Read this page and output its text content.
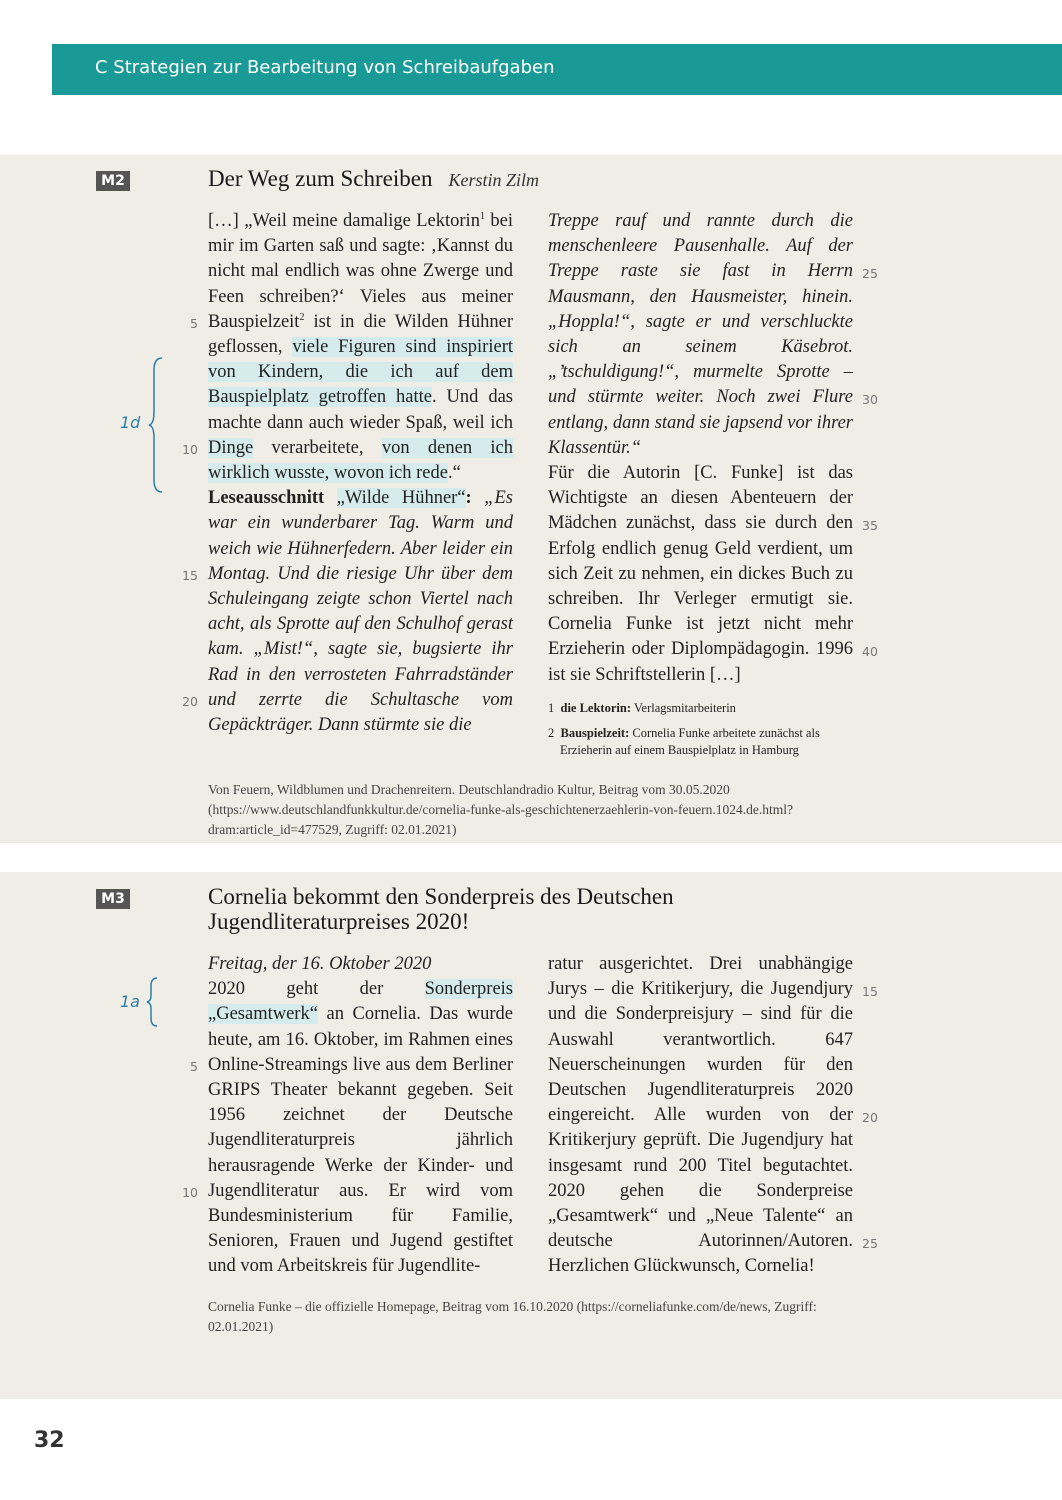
C Strategien zur Bearbeitung von Schreibaufgaben
M2	Der Weg zum Schreiben Kerstin Zilm
1d

[…] „Weil meine damalige Lektorin$^1$ bei mir im Garten saß und sagte: ‚Kannst du nicht mal endlich was ohne Zwerge und Feen schreiben?‘ Vieles aus meiner Bauspielzeit$^2$ ist in die Wilden Hühner geflossen, viele Figuren sind inspiriert von Kindern, die ich auf dem Bauspielplatz getroffen hatte. Und das machte dann auch wieder Spaß, weil ich Dinge verarbeitete, von denen ich wirklich wusste, wovon ich rede.“

Leseausschnitt „Wilde Hühner“: „Es war ein wunderbarer Tag. Warm und weich wie Hühnerfedern. Aber leider ein Montag. Und die riesige Uhr über dem Schuleingang zeigte schon Viertel nach acht, als Sprotte auf den Schulhof gerast kam. „Mist!“, sagte sie, bugsierte ihr Rad in den verrosteten Fahrradständer und zerrte die Schultasche vom Gepäckträger. Dann stürmte sie die

5
10
15
20

Treppe rauf und rannte durch die menschenleere Pausenhalle. Auf der Treppe raste sie fast in Herrn Mausmann, den Hausmeister, hinein. „Hoppla!“, sagte er und verschluckte sich an seinem Käsebrot. „’tschuldigung!“, murmelte Sprotte – und stürmte weiter. Noch zwei Flure entlang, dann stand sie japsend vor ihrer Klassentür.“

Für die Autorin [C. Funke] ist das Wichtigste an diesen Abenteuern der Mädchen zunächst, dass sie durch den Erfolg endlich genug Geld verdient, um sich Zeit zu nehmen, ein dickes Buch zu schreiben. Ihr Verleger ermutigt sie. Cornelia Funke ist jetzt nicht mehr Erzieherin oder Diplompädagogin. 1996 ist sie Schriftstellerin […]

1 die Lektorin: Verlagsmitarbeiterin
2 Bauspielzeit: Cornelia Funke arbeitete zunächst als Erzieherin auf einem Bauspielplatz in Hamburg
25
30
35
40
Von Feuern, Wildblumen und Drachenreitern. Deutschlandradio Kultur, Beitrag vom 30.05.2020 (https://www.deutschlandfunkkultur.de/cornelia-funke-als-geschichtenerzaehlerin-von-feuern.1024.de.html?dram:article_id=477529, Zugriff: 02.01.2021)
M3	Cornelia bekommt den Sonderpreis des Deutschen Jugendliteraturpreises 2020!
1a

Freitag, der 16. Oktober 2020

2020 geht der Sonderpreis „Gesamtwerk“ an Cornelia. Das wurde heute, am 16. Oktober, im Rahmen eines Online-Streamings live aus dem Berliner GRIPS Theater bekannt gegeben. Seit 1956 zeichnet der Deutsche Jugendliteraturpreis jährlich herausragende Werke der Kinder- und Jugendliteratur aus. Er wird vom Bundesministerium für Familie, Senioren, Frauen und Jugend gestiftet und vom Arbeitskreis für Jugendlite-

5
10

ratur ausgerichtet. Drei unabhängige Jurys – die Kritikerjury, die Jugendjury und die Sonderpreisjury – sind für die Auswahl verantwortlich. 647 Neuerscheinungen wurden für den Deutschen Jugendliteraturpreis 2020 eingereicht. Alle wurden von der Kritikerjury geprüft. Die Jugendjury hat insgesamt rund 200 Titel begutachtet. 2020 gehen die Sonderpreise „Gesamtwerk“ und „Neue Talente“ an deutsche Autorinnen/Autoren. Herzlichen Glückwunsch, Cornelia!

15
20
25
Cornelia Funke – die offizielle Homepage, Beitrag vom 16.10.2020 (https://corneliafunke.com/de/news, Zugriff: 02.01.2021)
32
